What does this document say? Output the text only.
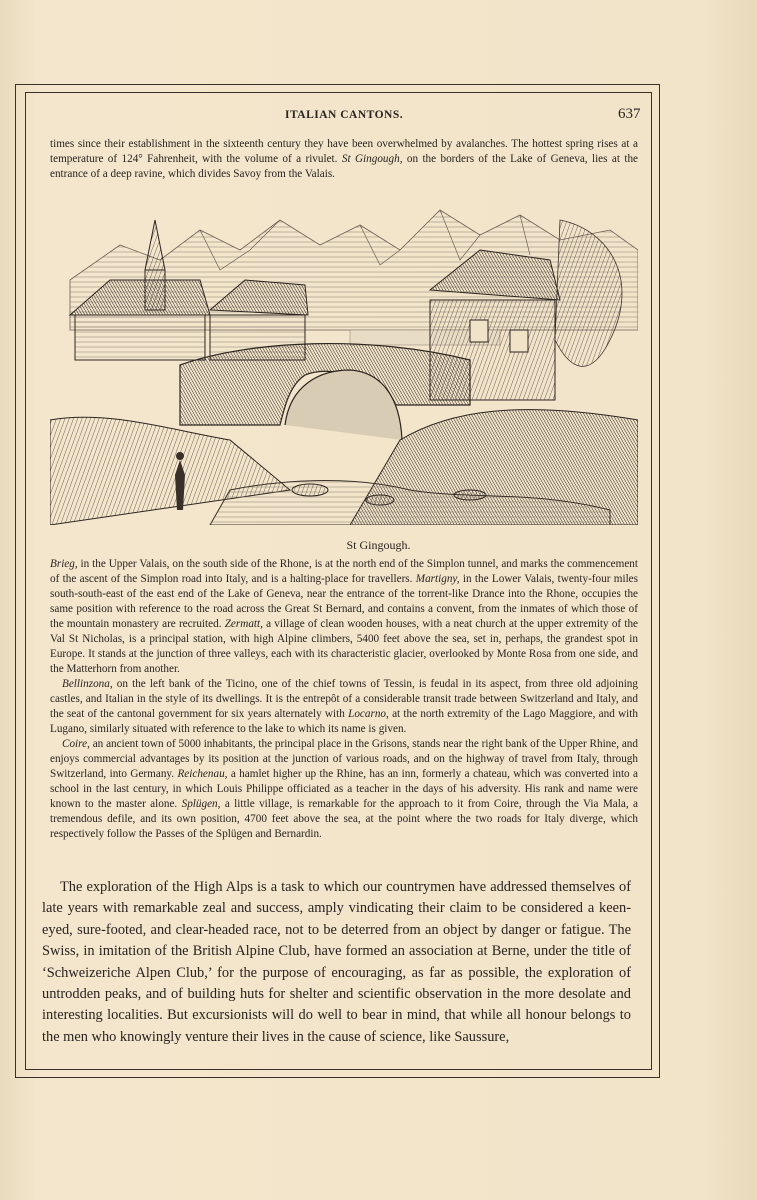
ITALIAN CANTONS.	637
times since their establishment in the sixteenth century they have been overwhelmed by avalanches. The hottest spring rises at a temperature of 124° Fahrenheit, with the volume of a rivulet. St Gingough, on the borders of the Lake of Geneva, lies at the entrance of a deep ravine, which divides Savoy from the Valais.
St Gingough.

Brieg, in the Upper Valais, on the south side of the Rhone, is at the north end of the Simplon tunnel, and marks the commencement of the ascent of the Simplon road into Italy, and is a halting-place for travellers. Martigny, in the Lower Valais, twenty-four miles south-south-east of the east end of the Lake of Geneva, near the entrance of the torrent-like Drance into the Rhone, occupies the same position with reference to the road across the Great St Bernard, and contains a convent, from the inmates of which those of the mountain monastery are recruited. Zermatt, a village of clean wooden houses, with a neat church at the upper extremity of the Val St Nicholas, is a principal station, with high Alpine climbers, 5400 feet above the sea, set in, perhaps, the grandest spot in Europe. It stands at the junction of three valleys, each with its characteristic glacier, overlooked by Monte Rosa from one side, and the Matterhorn from another.

Bellinzona, on the left bank of the Ticino, one of the chief towns of Tessin, is feudal in its aspect, from three old adjoining castles, and Italian in the style of its dwellings. It is the entrepôt of a considerable transit trade between Switzerland and Italy, and the seat of the cantonal government for six years alternately with Locarno, at the north extremity of the Lago Maggiore, and with Lugano, similarly situated with reference to the lake to which its name is given.

Coire, an ancient town of 5000 inhabitants, the principal place in the Grisons, stands near the right bank of the Upper Rhine, and enjoys commercial advantages by its position at the junction of various roads, and on the highway of travel from Italy, through Switzerland, into Germany. Reichenau, a hamlet higher up the Rhine, has an inn, formerly a chateau, which was converted into a school in the last century, in which Louis Philippe officiated as a teacher in the days of his adversity. His rank and name were known to the master alone. Splügen, a little village, is remarkable for the approach to it from Coire, through the Via Mala, a tremendous defile, and its own position, 4700 feet above the sea, at the point where the two roads for Italy diverge, which respectively follow the Passes of the Splügen and Bernardin.

The exploration of the High Alps is a task to which our countrymen have addressed themselves of late years with remarkable zeal and success, amply vindicating their claim to be considered a keen-eyed, sure-footed, and clear-headed race, not to be deterred from an object by danger or fatigue. The Swiss, in imitation of the British Alpine Club, have formed an association at Berne, under the title of ‘Schweizeriche Alpen Club,’ for the purpose of encouraging, as far as possible, the exploration of untrodden peaks, and of building huts for shelter and scientific observation in the more desolate and interesting localities. But excursionists will do well to bear in mind, that while all honour belongs to the men who knowingly venture their lives in the cause of science, like Saussure,
